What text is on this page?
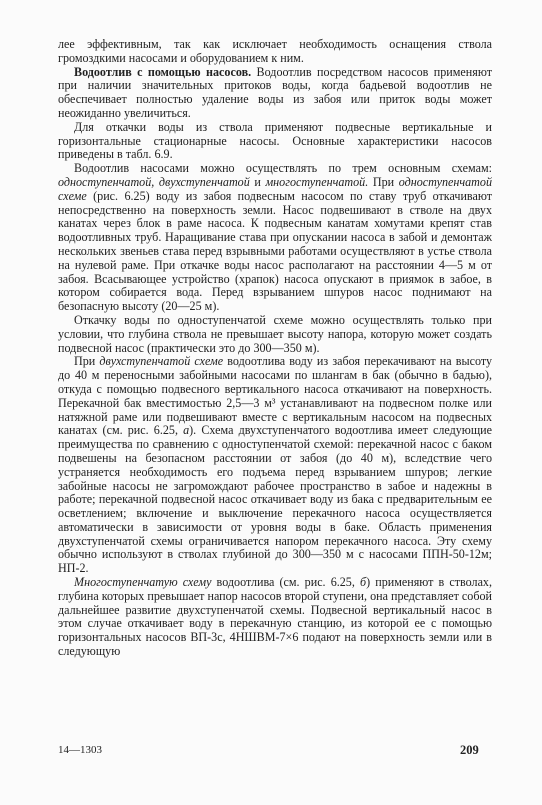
лее эффективным, так как исключает необходимость оснащения ствола громоздкими насосами и оборудованием к ним.

Водоотлив с помощью насосов. Водоотлив посредством насосов применяют при наличии значительных притоков воды, когда бадьевой водоотлив не обеспечивает полностью удаление воды из забоя или приток воды может неожиданно увеличиться.

Для откачки воды из ствола применяют подвесные вертикальные и горизонтальные стационарные насосы. Основные характеристики насосов приведены в табл. 6.9.

Водоотлив насосами можно осуществлять по трем основным схемам: одноступенчатой, двухступенчатой и многоступенчатой. При одноступенчатой схеме (рис. 6.25) воду из забоя подвесным насосом по ставу труб откачивают непосредственно на поверхность земли. Насос подвешивают в стволе на двух канатах через блок в раме насоса. К подвесным канатам хомутами крепят став водоотливных труб. Наращивание става при опускании насоса в забой и демонтаж нескольких звеньев става перед взрывными работами осуществляют в устье ствола на нулевой раме. При откачке воды насос располагают на расстоянии 4—5 м от забоя. Всасывающее устройство (храпок) насоса опускают в приямок в забое, в котором собирается вода. Перед взрыванием шпуров насос поднимают на безопасную высоту (20—25 м).

Откачку воды по одноступенчатой схеме можно осуществлять только при условии, что глубина ствола не превышает высоту напора, которую может создать подвесной насос (практически это до 300—350 м).

При двухступенчатой схеме водоотлива воду из забоя перекачивают на высоту до 40 м переносными забойными насосами по шлангам в бак (обычно в бадью), откуда с помощью подвесного вертикального насоса откачивают на поверхность. Перекачной бак вместимостью 2,5—3 м³ устанавливают на подвесном полке или натяжной раме или подвешивают вместе с вертикальным насосом на подвесных канатах (см. рис. 6.25, а). Схема двухступенчатого водоотлива имеет следующие преимущества по сравнению с одноступенчатой схемой: перекачной насос с баком подвешены на безопасном расстоянии от забоя (до 40 м), вследствие чего устраняется необходимость его подъема перед взрыванием шпуров; легкие забойные насосы не загромождают рабочее пространство в забое и надежны в работе; перекачной подвесной насос откачивает воду из бака с предварительным ее осветлением; включение и выключение перекачного насоса осуществляется автоматически в зависимости от уровня воды в баке. Область применения двухступенчатой схемы ограничивается напором перекачного насоса. Эту схему обычно используют в стволах глубиной до 300—350 м с насосами ППН-50-12м; НП-2.

Многоступенчатую схему водоотлива (см. рис. 6.25, б) применяют в стволах, глубина которых превышает напор насосов второй ступени, она представляет собой дальнейшее развитие двухступенчатой схемы. Подвесной вертикальный насос в этом случае откачивает воду в перекачную станцию, из которой ее с помощью горизонтальных насосов ВП-3с, 4НШВМ-7×6 подают на поверхность земли или в следующую

14—1303	209
